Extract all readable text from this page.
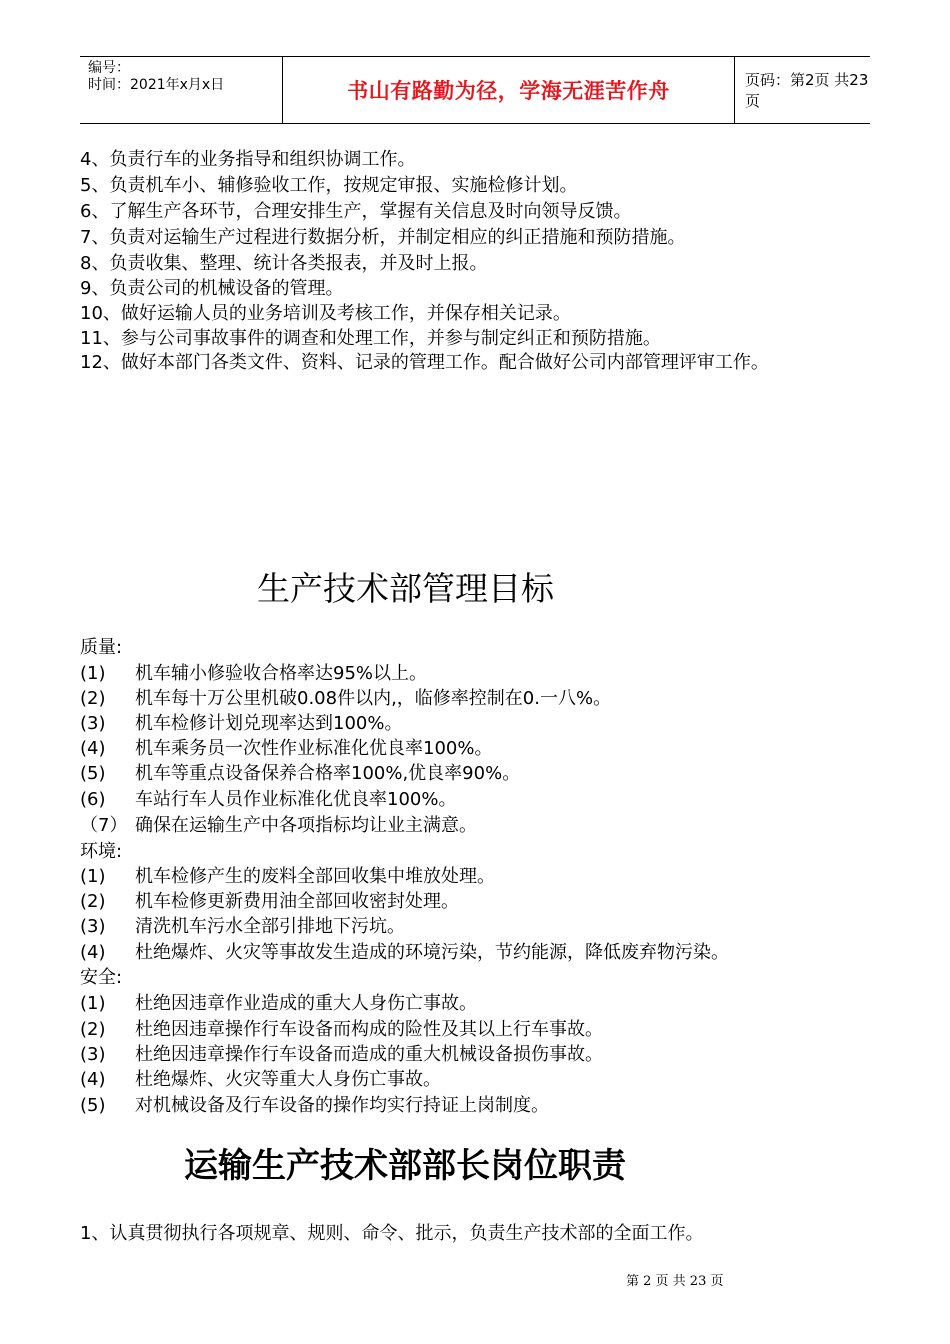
编号：
时间：2021年x月x日	书山有路勤为径，学海无涯苦作舟	页码：第2页 共23页
4、负责行车的业务指导和组织协调工作。
5、负责机车小、辅修验收工作，按规定审报、实施检修计划。
6、了解生产各环节，合理安排生产，掌握有关信息及时向领导反馈。
7、负责对运输生产过程进行数据分析，并制定相应的纠正措施和预防措施。
8、负责收集、整理、统计各类报表，并及时上报。
9、负责公司的机械设备的管理。
10、做好运输人员的业务培训及考核工作，并保存相关记录。
11、参与公司事故事件的调查和处理工作，并参与制定纠正和预防措施。
12、做好本部门各类文件、资料、记录的管理工作。配合做好公司内部管理评审工作。
生产技术部管理目标
质量:
(1) 机车辅小修验收合格率达95%以上。
(2) 机车每十万公里机破0.08件以内,，临修率控制在0.一八%。
(3) 机车检修计划兑现率达到100%。
(4) 机车乘务员一次性作业标准化优良率100%。
(5) 机车等重点设备保养合格率100%,优良率90%。
(6) 车站行车人员作业标准化优良率100%。
（7） 确保在运输生产中各项指标均让业主满意。
环境:
(1) 机车检修产生的废料全部回收集中堆放处理。
(2) 机车检修更新费用油全部回收密封处理。
(3) 清洗机车污水全部引排地下污坑。
(4) 杜绝爆炸、火灾等事故发生造成的环境污染，节约能源，降低废弃物污染。
安全:
(1) 杜绝因违章作业造成的重大人身伤亡事故。
(2) 杜绝因违章操作行车设备而构成的险性及其以上行车事故。
(3) 杜绝因违章操作行车设备而造成的重大机械设备损伤事故。
(4) 杜绝爆炸、火灾等重大人身伤亡事故。
(5) 对机械设备及行车设备的操作均实行持证上岗制度。
运输生产技术部部长岗位职责
1、认真贯彻执行各项规章、规则、命令、批示，负责生产技术部的全面工作。
第 2 页 共 23 页
